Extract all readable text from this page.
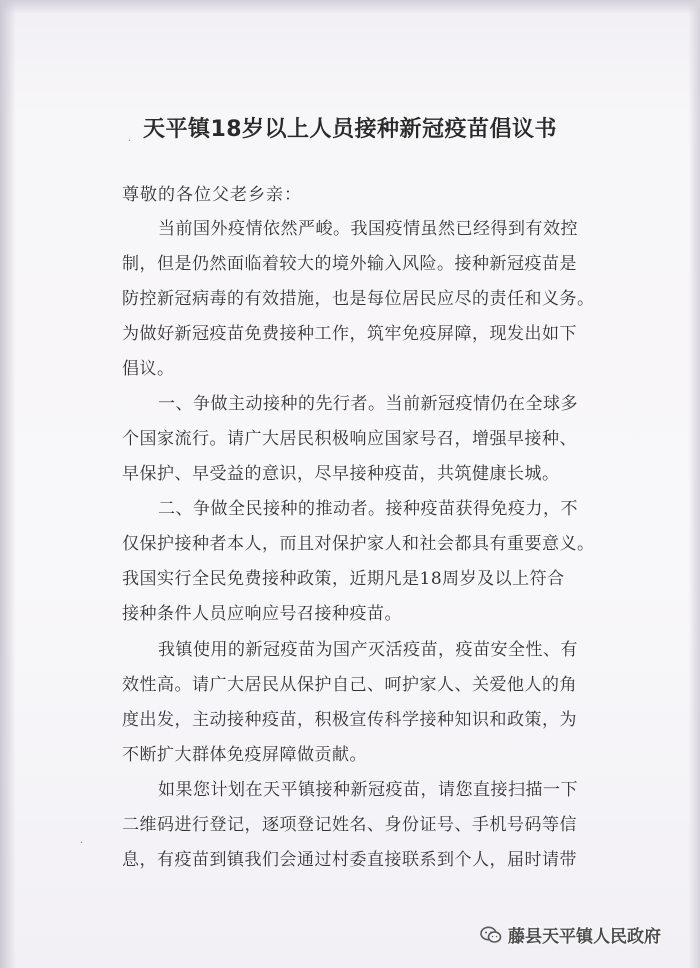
天平镇18岁以上人员接种新冠疫苗倡议书
·
·
尊敬的各位父老乡亲：
当前国外疫情依然严峻。我国疫情虽然已经得到有效控
制，但是仍然面临着较大的境外输入风险。接种新冠疫苗是
防控新冠病毒的有效措施，也是每位居民应尽的责任和义务。
为做好新冠疫苗免费接种工作，筑牢免疫屏障，现发出如下
倡议。
一、争做主动接种的先行者。当前新冠疫情仍在全球多
个国家流行。请广大居民积极响应国家号召，增强早接种、
早保护、早受益的意识，尽早接种疫苗，共筑健康长城。
二、争做全民接种的推动者。接种疫苗获得免疫力，不
仅保护接种者本人，而且对保护家人和社会都具有重要意义。
我国实行全民免费接种政策，近期凡是18周岁及以上符合
接种条件人员应响应号召接种疫苗。
我镇使用的新冠疫苗为国产灭活疫苗，疫苗安全性、有
效性高。请广大居民从保护自己、呵护家人、关爱他人的角
度出发，主动接种疫苗，积极宣传科学接种知识和政策，为
不断扩大群体免疫屏障做贡献。
如果您计划在天平镇接种新冠疫苗，请您直接扫描一下
二维码进行登记，逐项登记姓名、身份证号、手机号码等信
息，有疫苗到镇我们会通过村委直接联系到个人，届时请带
藤县天平镇人民政府
